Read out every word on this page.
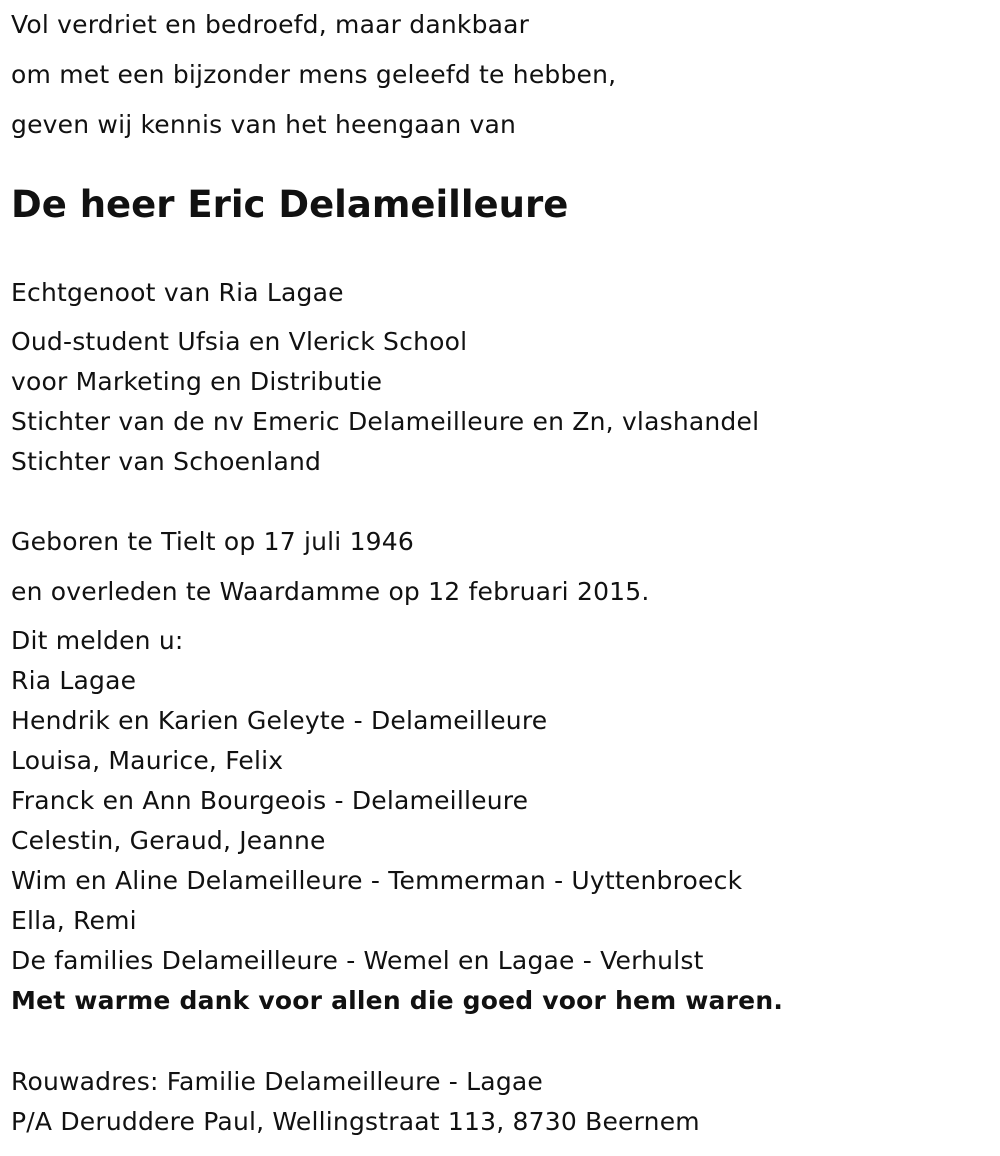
Vol verdriet en bedroefd, maar dankbaar
om met een bijzonder mens geleefd te hebben,
geven wij kennis van het heengaan van
De heer Eric Delameilleure
Echtgenoot van Ria Lagae
Oud-student Ufsia en Vlerick School
voor Marketing en Distributie
Stichter van de nv Emeric Delameilleure en Zn, vlashandel
Stichter van Schoenland
Geboren te Tielt op 17 juli 1946
en overleden te Waardamme op 12 februari 2015.
Dit melden u:
Ria Lagae
Hendrik en Karien Geleyte - Delameilleure
Louisa, Maurice, Felix
Franck en Ann Bourgeois - Delameilleure
Celestin, Geraud, Jeanne
Wim en Aline Delameilleure - Temmerman - Uyttenbroeck
Ella, Remi
De families Delameilleure - Wemel en Lagae - Verhulst
Met warme dank voor allen die goed voor hem waren.
Rouwadres: Familie Delameilleure - Lagae
P/A Deruddere Paul, Wellingstraat 113, 8730 Beernem
